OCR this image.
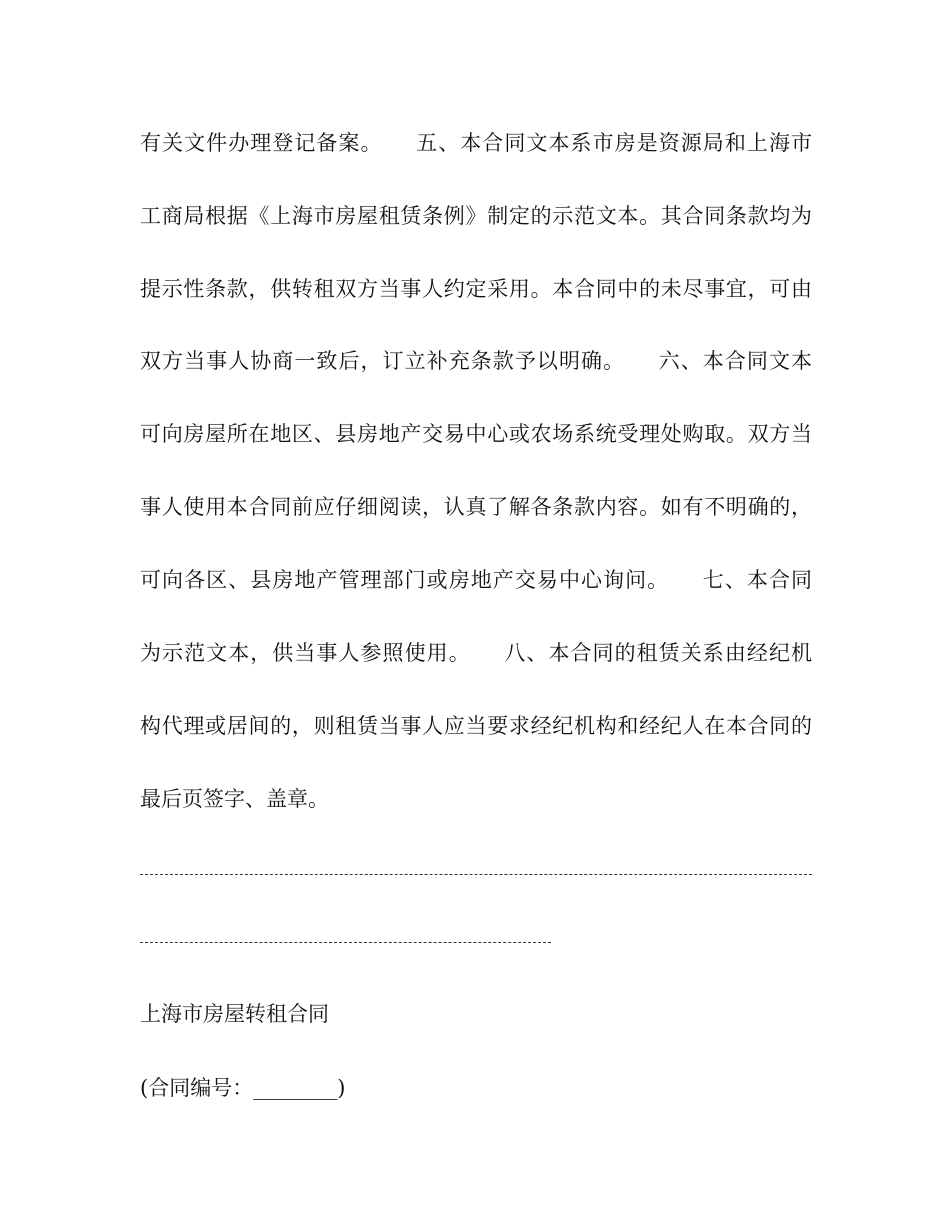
有关文件办理登记备案。　　五、本合同文本系市房是资源局和上海市
工商局根据《上海市房屋租赁条例》制定的示范文本。其合同条款均为
提示性条款，供转租双方当事人约定采用。本合同中的未尽事宜，可由
双方当事人协商一致后，订立补充条款予以明确。　　六、本合同文本
可向房屋所在地区、县房地产交易中心或农场系统受理处购取。双方当
事人使用本合同前应仔细阅读，认真了解各条款内容。如有不明确的，
可向各区、县房地产管理部门或房地产交易中心询问。　　七、本合同
为示范文本，供当事人参照使用。　　八、本合同的租赁关系由经纪机
构代理或居间的，则租赁当事人应当要求经纪机构和经纪人在本合同的
最后页签字、盖章。
上海市房屋转租合同
(合同编号：________)
